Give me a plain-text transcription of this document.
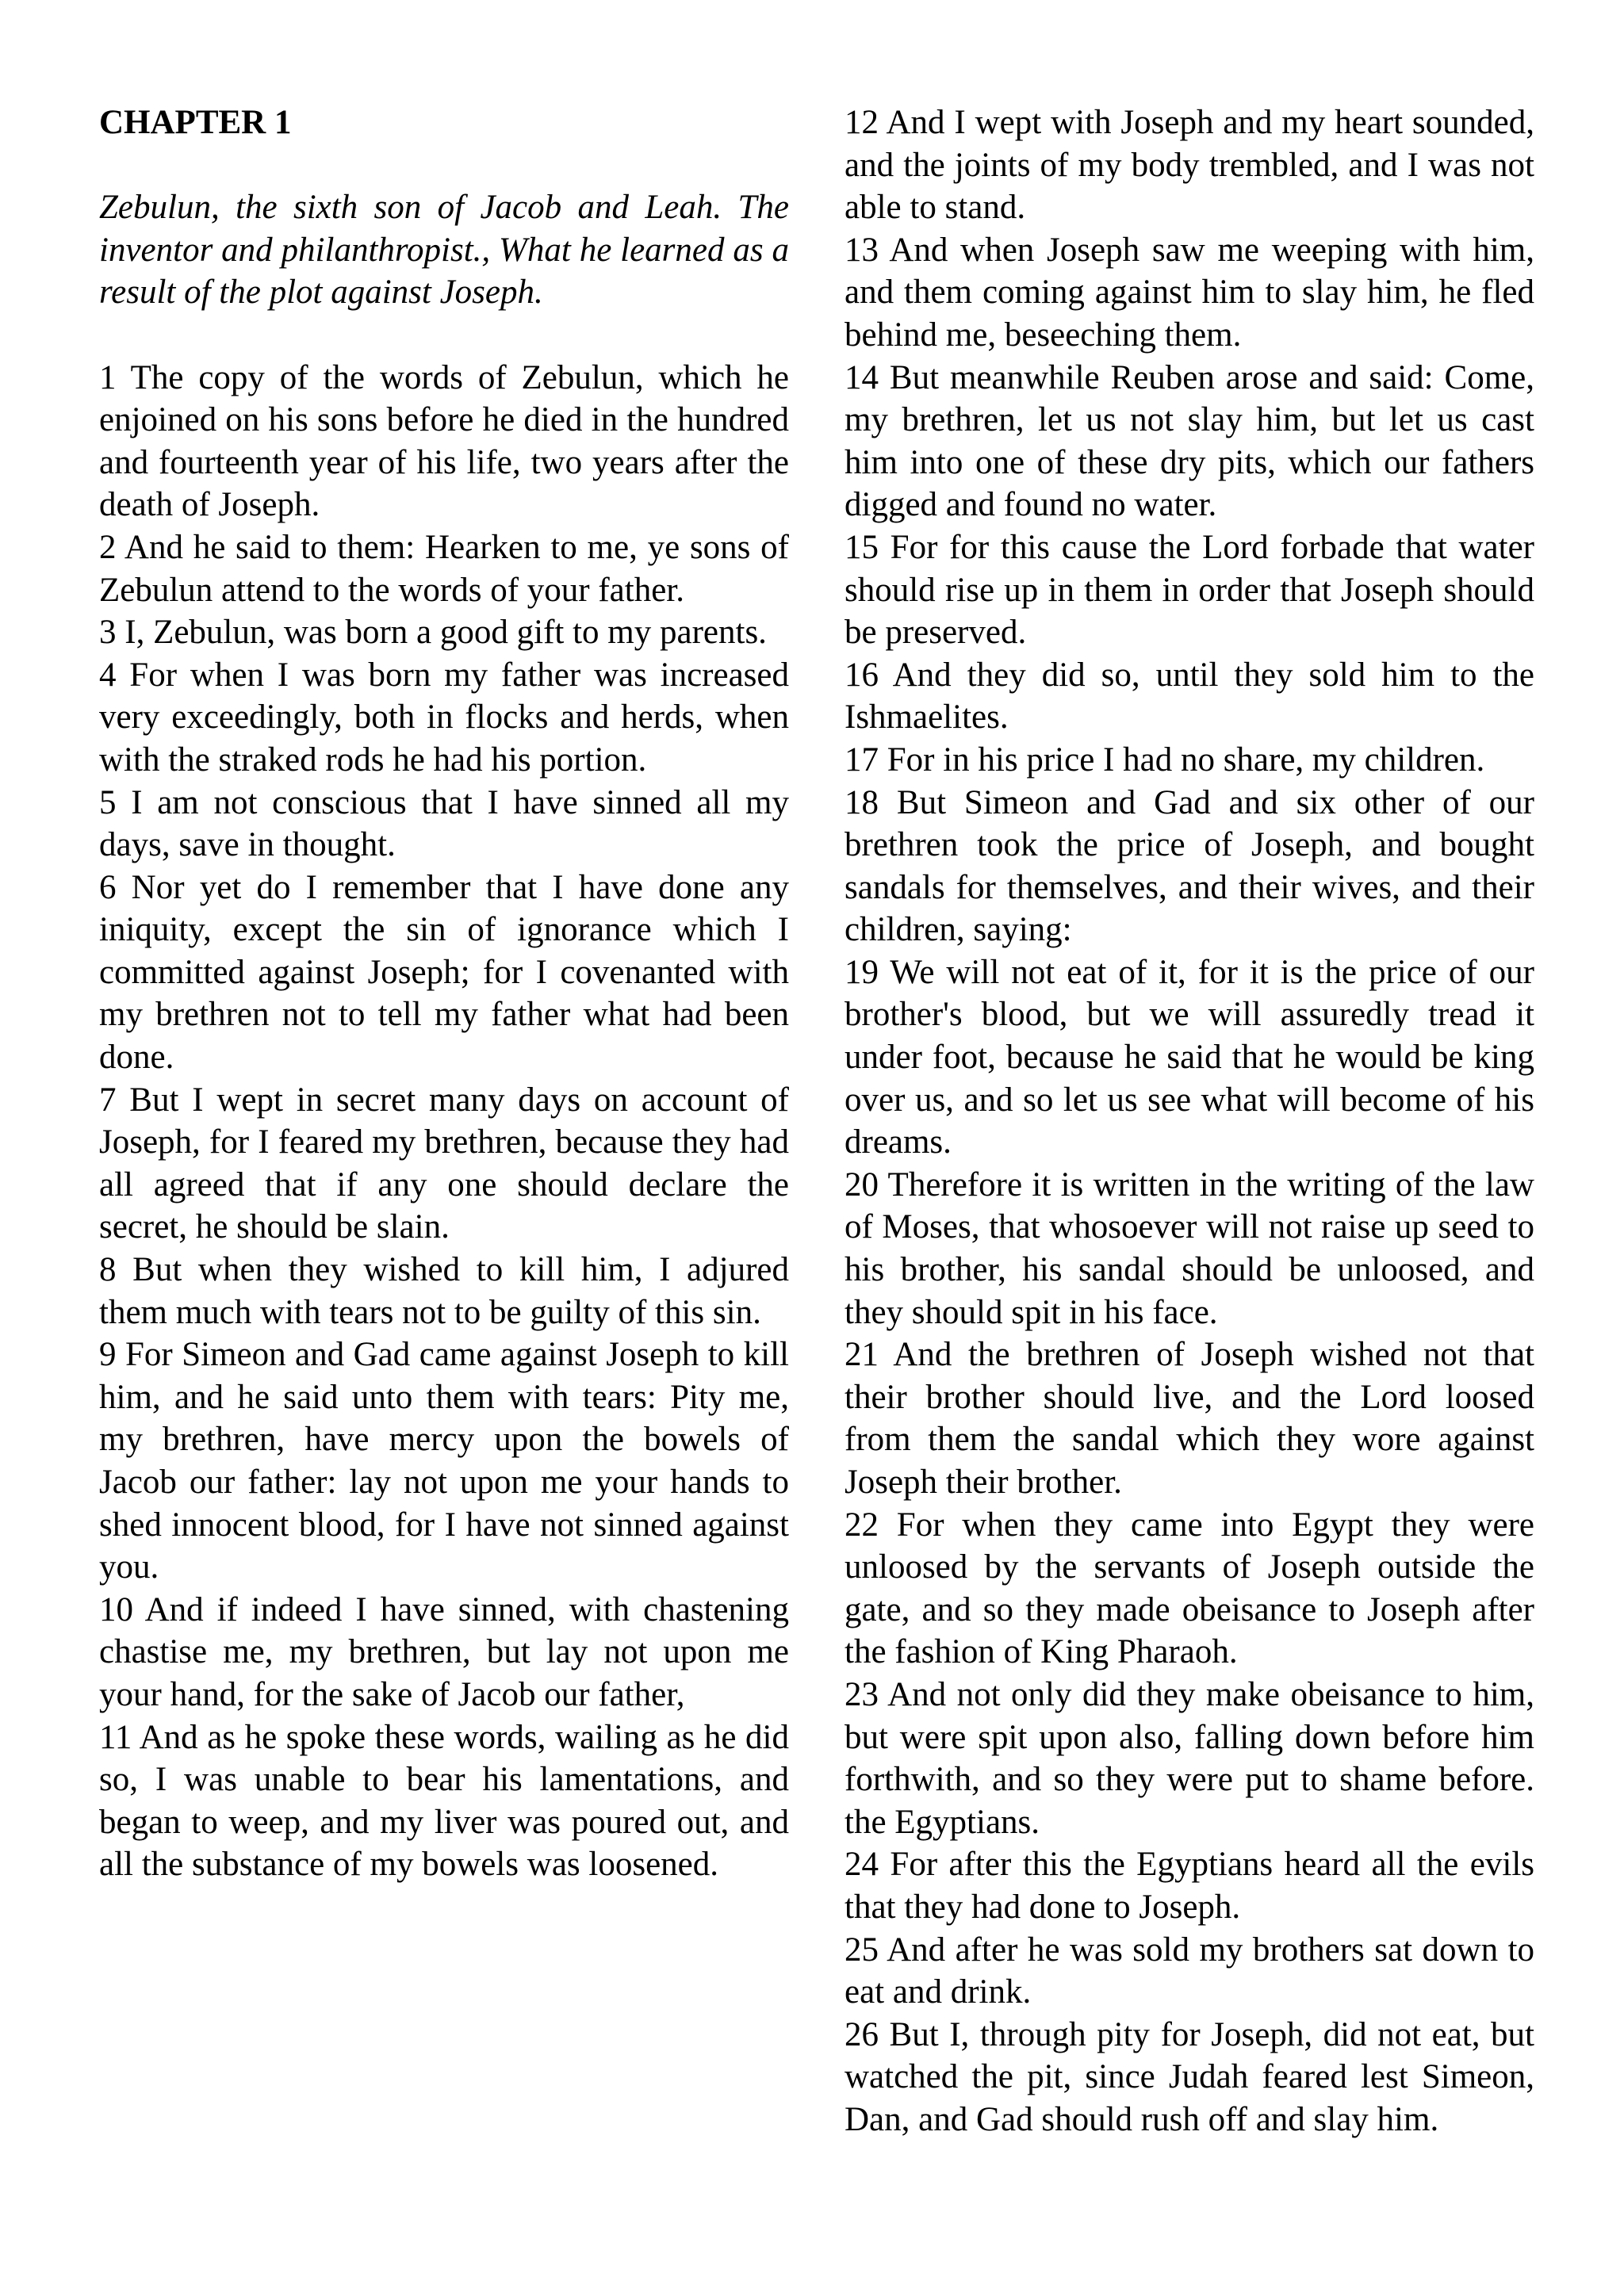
CHAPTER 1

Zebulun, the sixth son of Jacob and Leah. The inventor and philanthropist., What he learned as a result of the plot against Joseph.

1 The copy of the words of Zebulun, which he enjoined on his sons before he died in the hundred and fourteenth year of his life, two years after the death of Joseph.

2 And he said to them: Hearken to me, ye sons of Zebulun attend to the words of your father.

3 I, Zebulun, was born a good gift to my parents.

4 For when I was born my father was increased very exceedingly, both in flocks and herds, when with the straked rods he had his portion.

5 I am not conscious that I have sinned all my days, save in thought.

6 Nor yet do I remember that I have done any iniquity, except the sin of ignorance which I committed against Joseph; for I covenanted with my brethren not to tell my father what had been done.

7 But I wept in secret many days on account of Joseph, for I feared my brethren, because they had all agreed that if any one should declare the secret, he should be slain.

8 But when they wished to kill him, I adjured them much with tears not to be guilty of this sin.

9 For Simeon and Gad came against Joseph to kill him, and he said unto them with tears: Pity me, my brethren, have mercy upon the bowels of Jacob our father: lay not upon me your hands to shed innocent blood, for I have not sinned against you.

10 And if indeed I have sinned, with chastening chastise me, my brethren, but lay not upon me your hand, for the sake of Jacob our father,

11 And as he spoke these words, wailing as he did so, I was unable to bear his lamentations, and began to weep, and my liver was poured out, and all the substance of my bowels was loosened.

12 And I wept with Joseph and my heart sounded, and the joints of my body trembled, and I was not able to stand.

13 And when Joseph saw me weeping with him, and them coming against him to slay him, he fled behind me, beseeching them.

14 But meanwhile Reuben arose and said: Come, my brethren, let us not slay him, but let us cast him into one of these dry pits, which our fathers digged and found no water.

15 For for this cause the Lord forbade that water should rise up in them in order that Joseph should be preserved.

16 And they did so, until they sold him to the Ishmaelites.

17 For in his price I had no share, my children.

18 But Simeon and Gad and six other of our brethren took the price of Joseph, and bought sandals for themselves, and their wives, and their children, saying:

19 We will not eat of it, for it is the price of our brother's blood, but we will assuredly tread it under foot, because he said that he would be king over us, and so let us see what will become of his dreams.

20 Therefore it is written in the writing of the law of Moses, that whosoever will not raise up seed to his brother, his sandal should be unloosed, and they should spit in his face.

21 And the brethren of Joseph wished not that their brother should live, and the Lord loosed from them the sandal which they wore against Joseph their brother.

22 For when they came into Egypt they were unloosed by the servants of Joseph outside the gate, and so they made obeisance to Joseph after the fashion of King Pharaoh.

23 And not only did they make obeisance to him, but were spit upon also, falling down before him forthwith, and so they were put to shame before. the Egyptians.

24 For after this the Egyptians heard all the evils that they had done to Joseph.

25 And after he was sold my brothers sat down to eat and drink.

26 But I, through pity for Joseph, did not eat, but watched the pit, since Judah feared lest Simeon, Dan, and Gad should rush off and slay him.
